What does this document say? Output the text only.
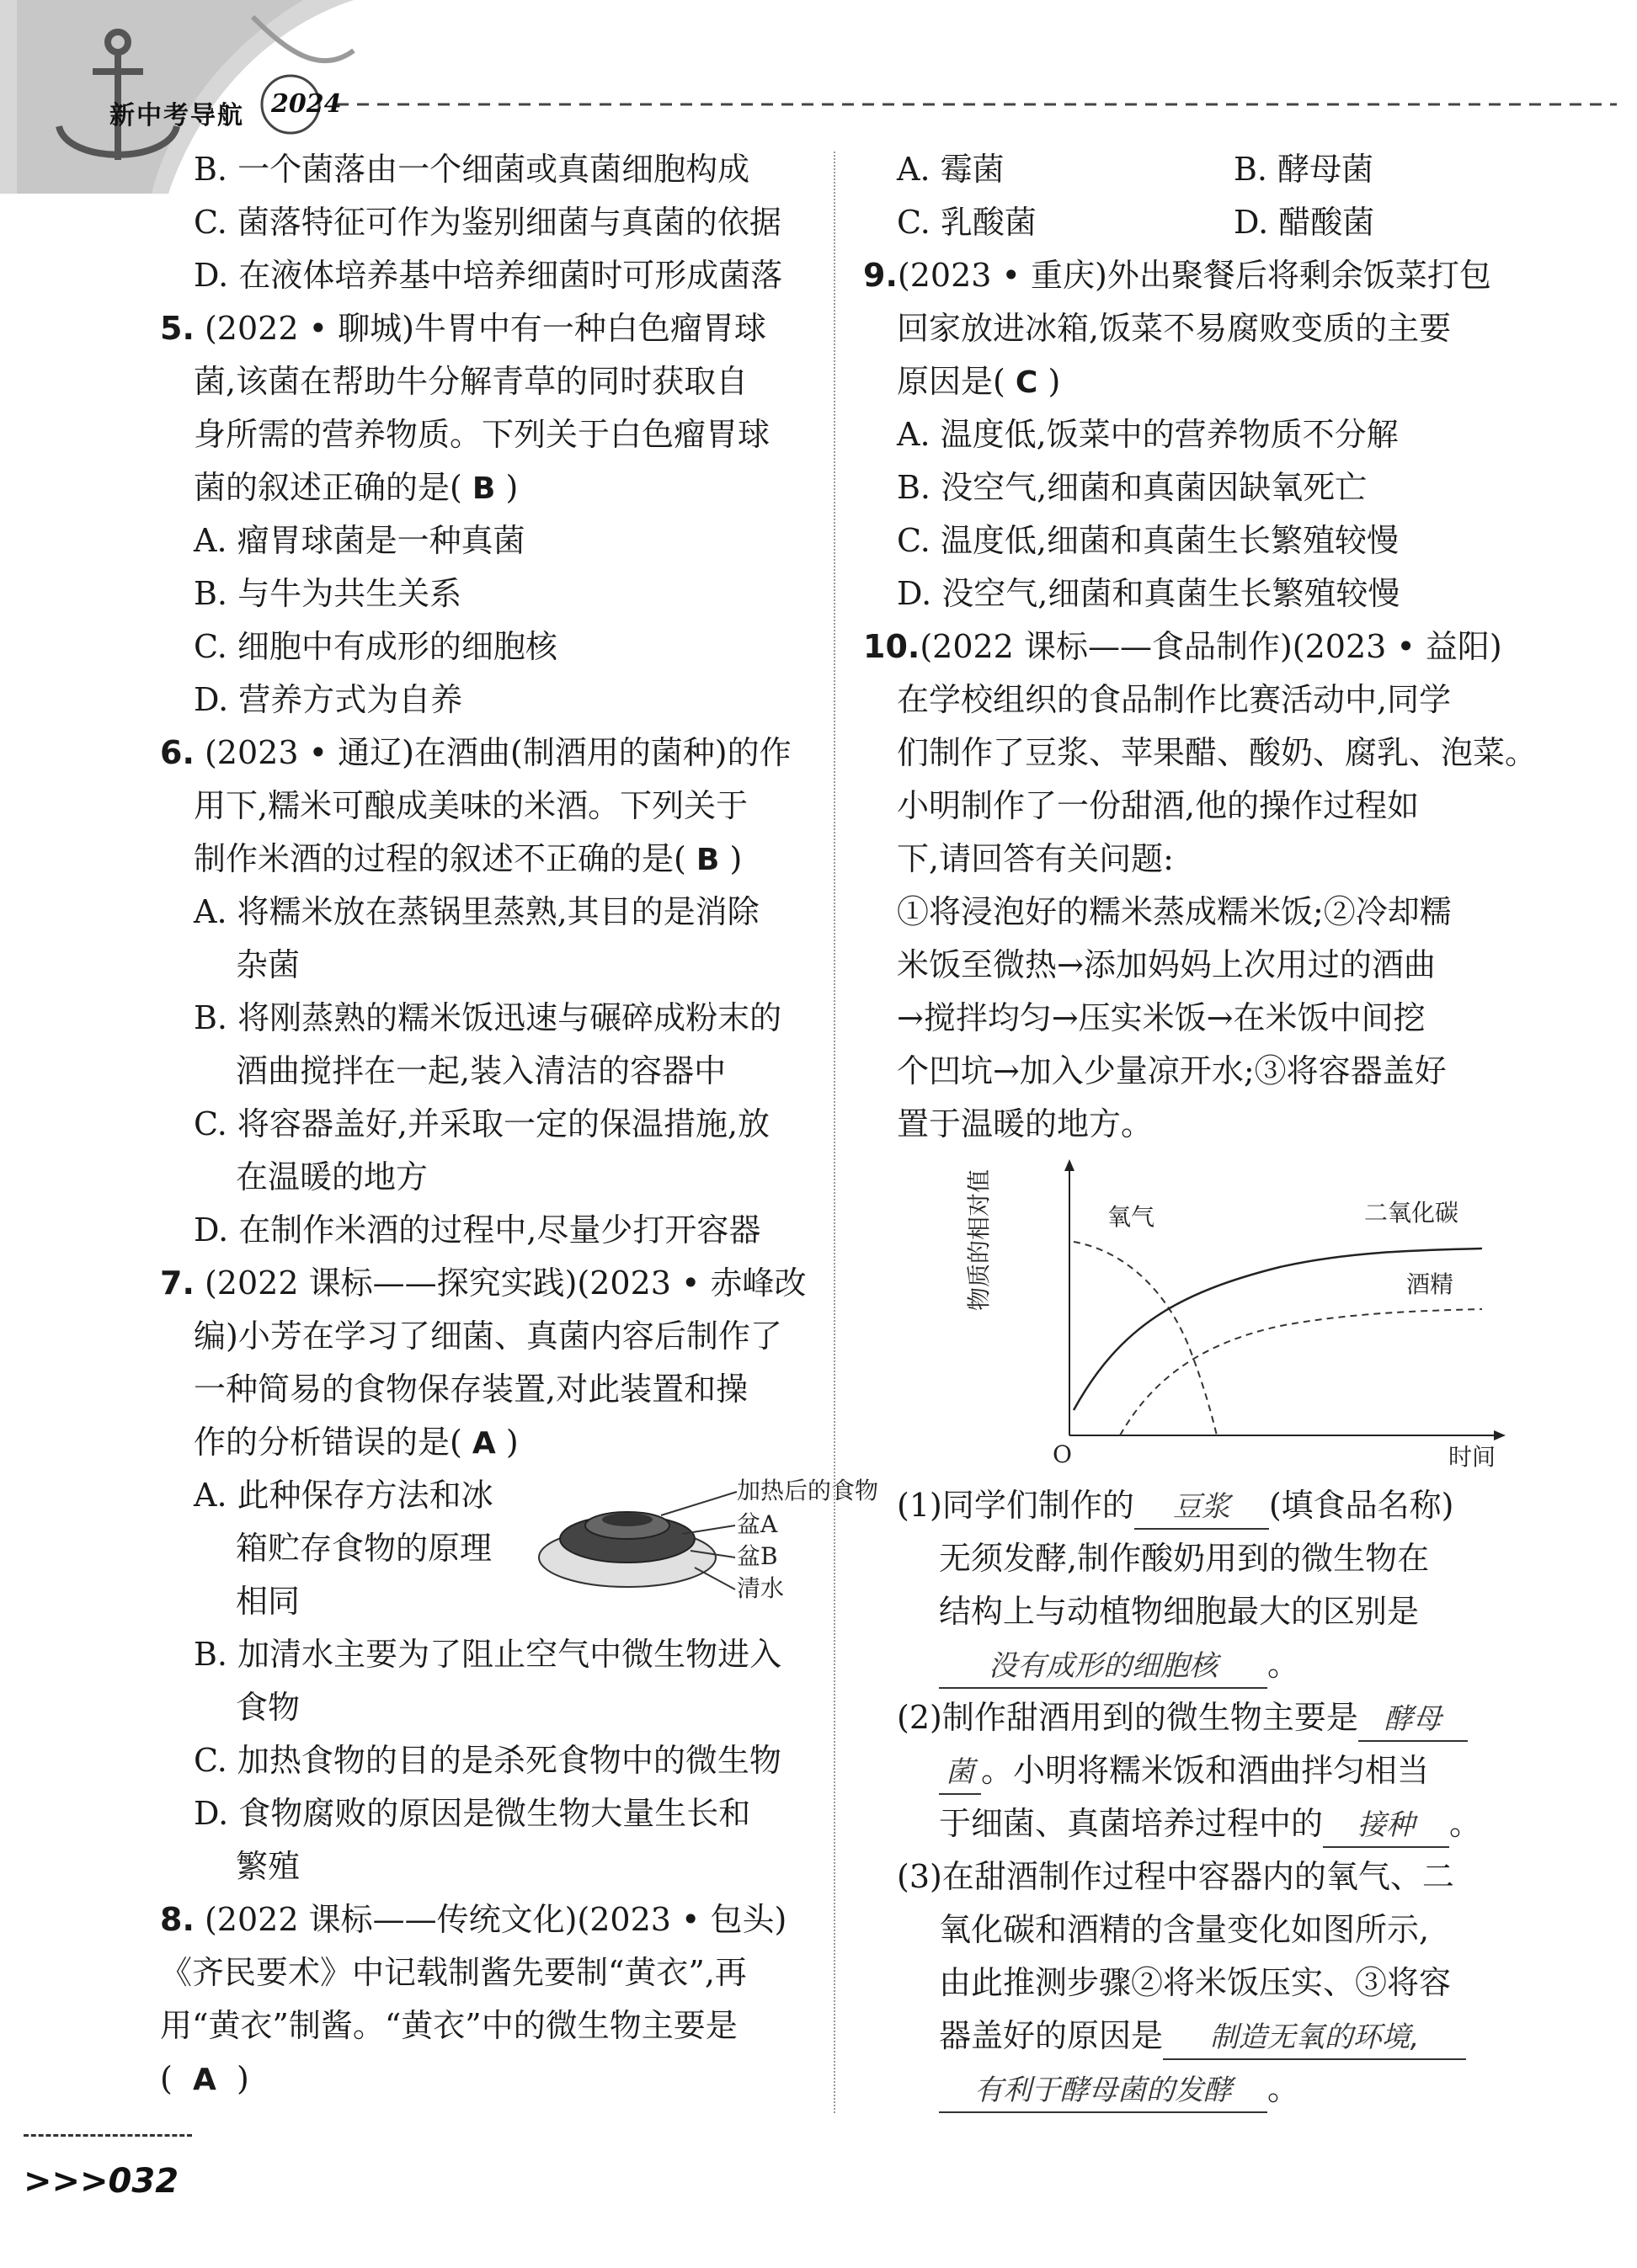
新中考导航 2024
B. 一个菌落由一个细菌或真菌细胞构成
C. 菌落特征可作为鉴别细菌与真菌的依据
D. 在液体培养基中培养细菌时可形成菌落
5. (2022 • 聊城)牛胃中有一种白色瘤胃球
菌,该菌在帮助牛分解青草的同时获取自
身所需的营养物质。下列关于白色瘤胃球
菌的叙述正确的是( B )
A. 瘤胃球菌是一种真菌
B. 与牛为共生关系
C. 细胞中有成形的细胞核
D. 营养方式为自养
6. (2023 • 通辽)在酒曲(制酒用的菌种)的作
用下,糯米可酿成美味的米酒。下列关于
制作米酒的过程的叙述不正确的是( B )
A. 将糯米放在蒸锅里蒸熟,其目的是消除
杂菌
B. 将刚蒸熟的糯米饭迅速与碾碎成粉末的
酒曲搅拌在一起,装入清洁的容器中
C. 将容器盖好,并采取一定的保温措施,放
在温暖的地方
D. 在制作米酒的过程中,尽量少打开容器
7. (2022 课标——探究实践)(2023 • 赤峰改
编)小芳在学习了细菌、真菌内容后制作了
一种简易的食物保存装置,对此装置和操
作的分析错误的是( A )
A. 此种保存方法和冰
箱贮存食物的原理
相同
B. 加清水主要为了阻止空气中微生物进入
食物
C. 加热食物的目的是杀死食物中的微生物
D. 食物腐败的原因是微生物大量生长和
繁殖
8. (2022 课标——传统文化)(2023 • 包头)
《齐民要术》中记载制酱先要制“黄衣”,再
用“黄衣”制酱。“黄衣”中的微生物主要是
( A )
加热后的食物
盆A
盆B
清水
A. 霉菌	B. 酵母菌
C. 乳酸菌	D. 醋酸菌
9.(2023 • 重庆)外出聚餐后将剩余饭菜打包
回家放进冰箱,饭菜不易腐败变质的主要
原因是( C )
A. 温度低,饭菜中的营养物质不分解
B. 没空气,细菌和真菌因缺氧死亡
C. 温度低,细菌和真菌生长繁殖较慢
D. 没空气,细菌和真菌生长繁殖较慢
10.(2022 课标——食品制作)(2023 • 益阳)
在学校组织的食品制作比赛活动中,同学
们制作了豆浆、苹果醋、酸奶、腐乳、泡菜。
小明制作了一份甜酒,他的操作过程如
下,请回答有关问题:
①将浸泡好的糯米蒸成糯米饭;②冷却糯
米饭至微热→添加妈妈上次用过的酒曲
→搅拌均匀→压实米饭→在米饭中间挖
个凹坑→加入少量凉开水;③将容器盖好
置于温暖的地方。
(1)同学们制作的 豆浆 (填食品名称)
无须发酵,制作酸奶用到的微生物在
结构上与动植物细胞最大的区别是
没有成形的细胞核 。
(2)制作甜酒用到的微生物主要是 酵母
菌 。小明将糯米饭和酒曲拌匀相当
于细菌、真菌培养过程中的 接种 。
(3)在甜酒制作过程中容器内的氧气、二
氧化碳和酒精的含量变化如图所示,
由此推测步骤②将米饭压实、③将容
器盖好的原因是 制造无氧的环境,
有利于酵母菌的发酵 。
物质的相对值
O	时间
氧气	二氧化碳
酒精
>>>032
